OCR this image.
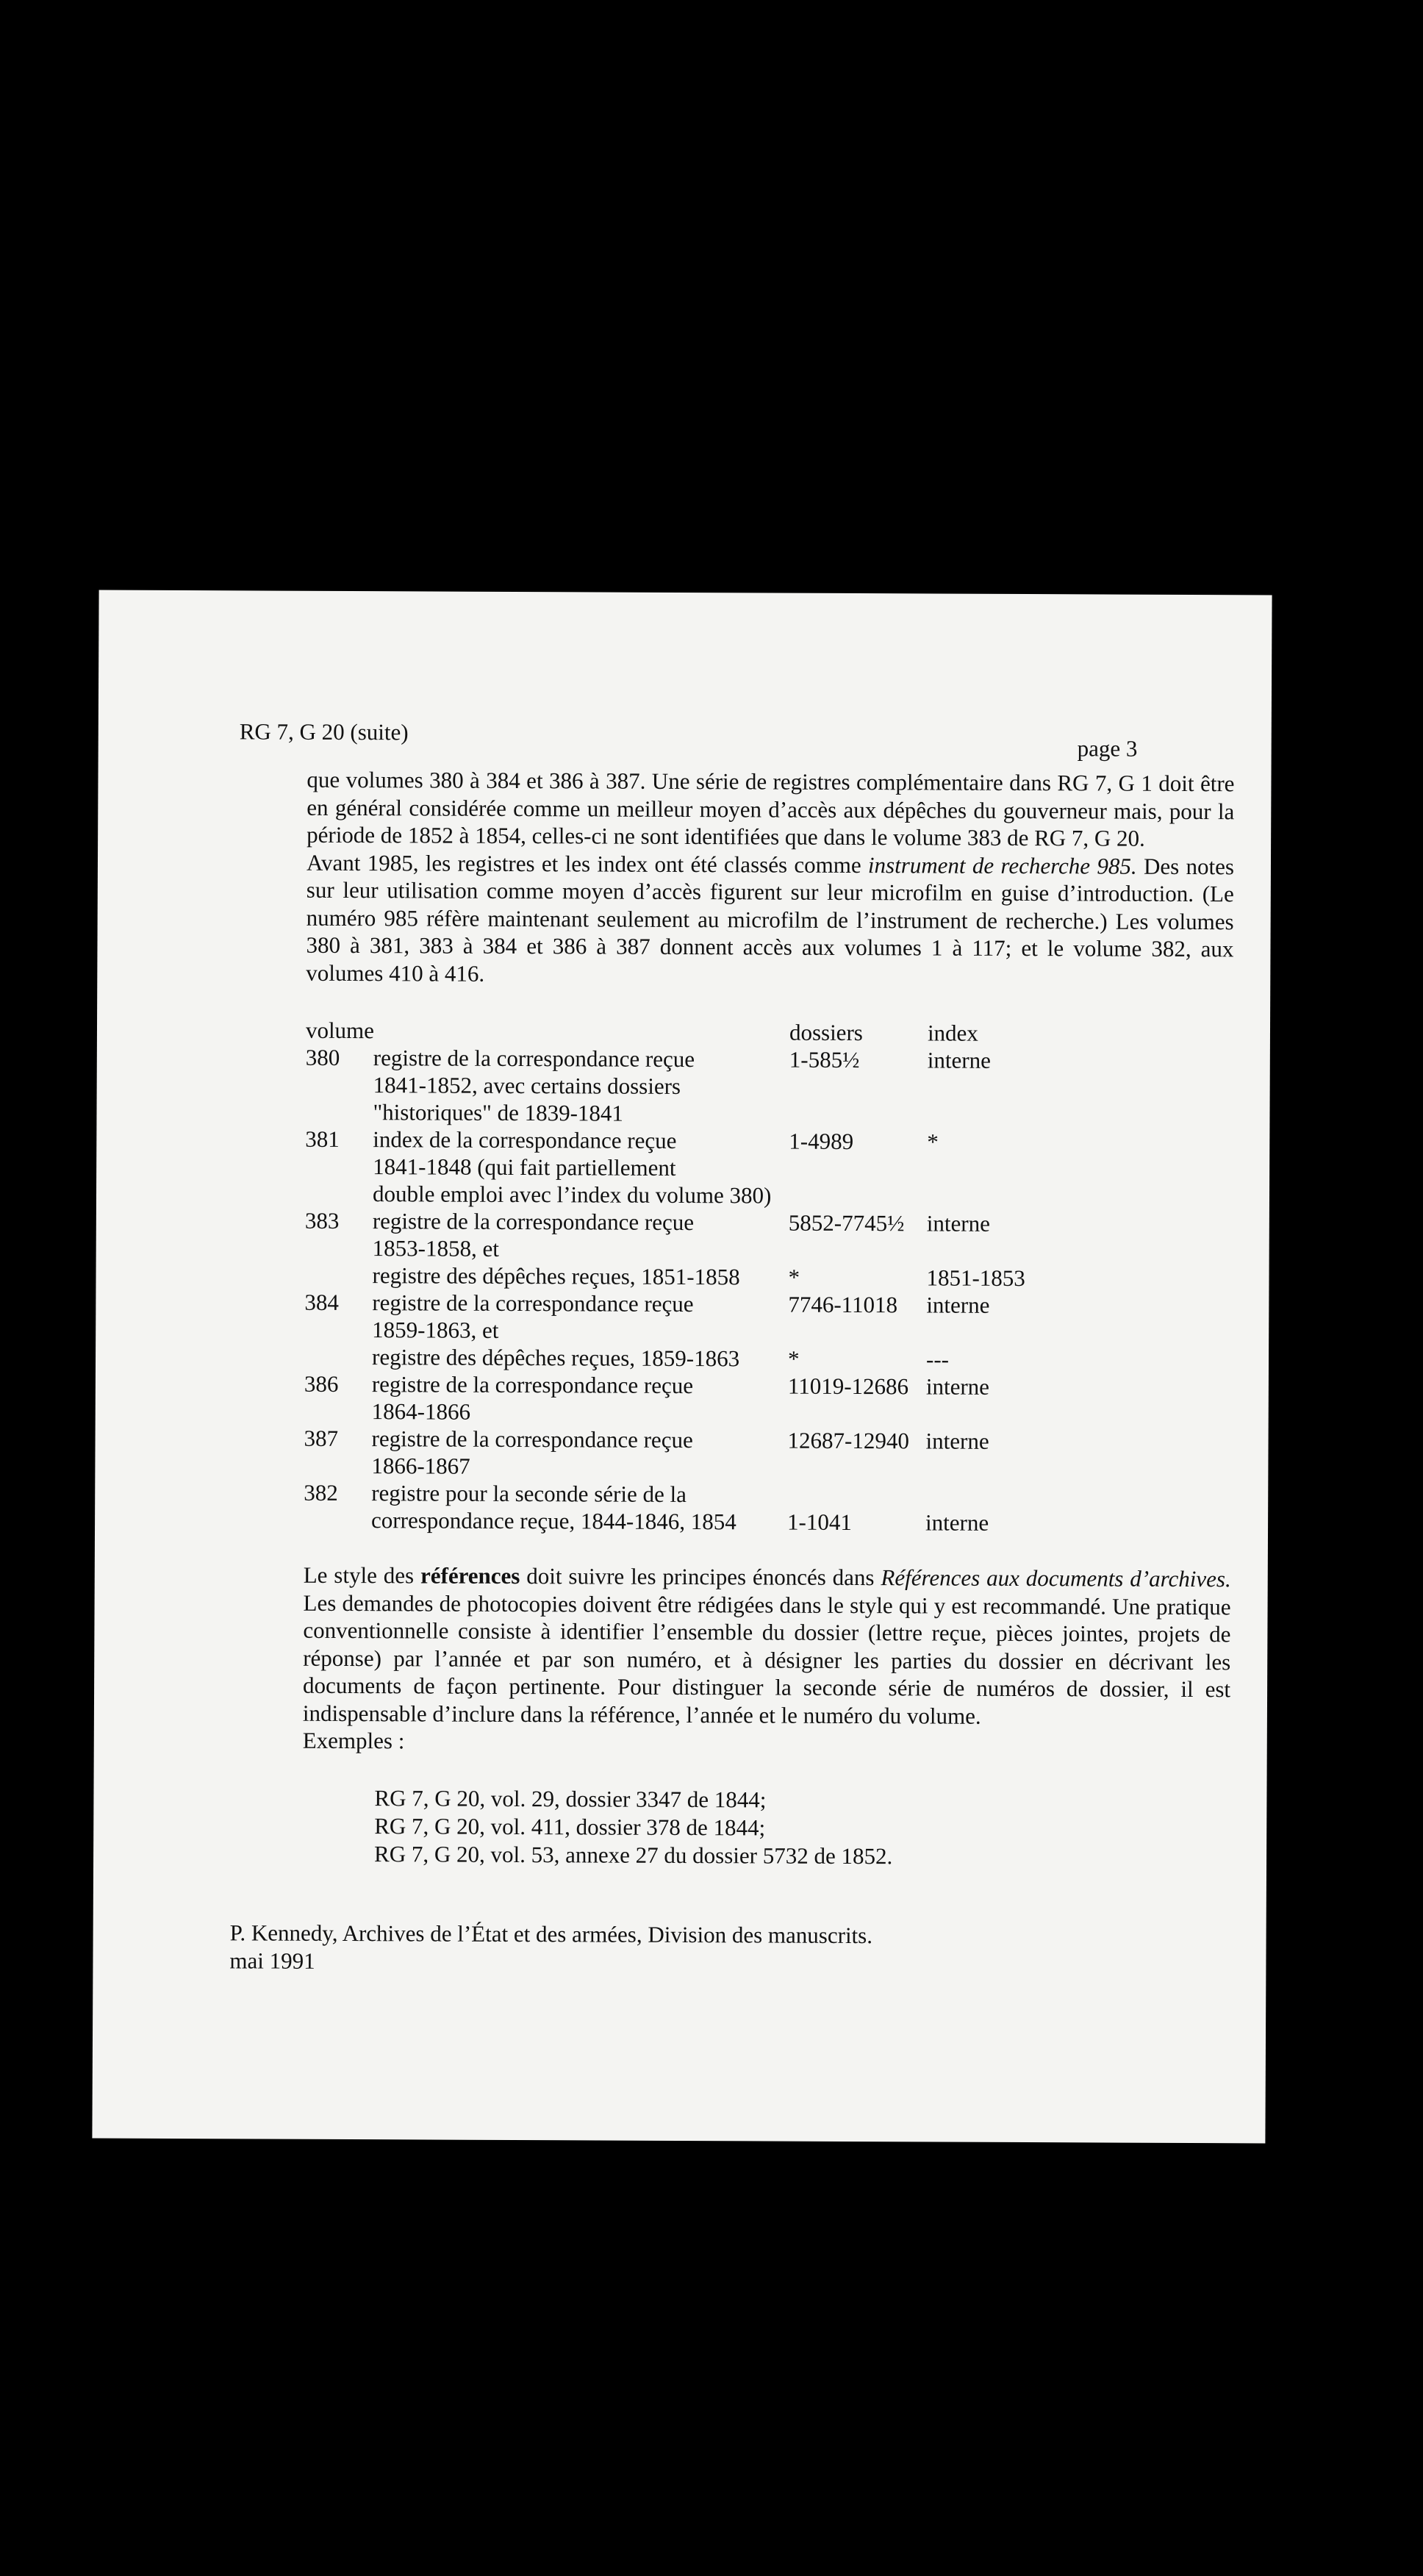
RG 7, G 20 (suite)
page 3

que volumes 380 à 384 et 386 à 387. Une série de registres complémentaire dans RG 7, G 1 doit être en général considérée comme un meilleur moyen d’accès aux dépêches du gouverneur mais, pour la période de 1852 à 1854, celles-ci ne sont identifiées que dans le volume 383 de RG 7, G 20.

Avant 1985, les registres et les index ont été classés comme instrument de recherche 985. Des notes sur leur utilisation comme moyen d’accès figurent sur leur microfilm en guise d’introduction. (Le numéro 985 réfère maintenant seulement au microfilm de l’instrument de recherche.) Les volumes 380 à 381, 383 à 384 et 386 à 387 donnent accès aux volumes 1 à 117; et le volume 382, aux volumes 410 à 416.

volume	dossiers	index
380 registre de la correspondance reçue	1-585½	interne
1841-1852, avec certains dossiers
"historiques" de 1839-1841
381 index de la correspondance reçue	1-4989	*
1841-1848 (qui fait partiellement
double emploi avec l’index du volume 380)
383 registre de la correspondance reçue	5852-7745½ interne
1853-1858, et
registre des dépêches reçues, 1851-1858 *	1851-1853
384 registre de la correspondance reçue	7746-11018 interne
1859-1863, et
registre des dépêches reçues, 1859-1863 *	---
386 registre de la correspondance reçue	11019-12686 interne
1864-1866
387 registre de la correspondance reçue	12687-12940 interne
1866-1867
382 registre pour la seconde série de la
correspondance reçue, 1844-1846, 1854 1-1041	interne

Le style des références doit suivre les principes énoncés dans Références aux documents d’archives. Les demandes de photocopies doivent être rédigées dans le style qui y est recommandé. Une pratique conventionnelle consiste à identifier l’ensemble du dossier (lettre reçue, pièces jointes, projets de réponse) par l’année et par son numéro, et à désigner les parties du dossier en décrivant les documents de façon pertinente. Pour distinguer la seconde série de numéros de dossier, il est indispensable d’inclure dans la référence, l’année et le numéro du volume.

Exemples :

RG 7, G 20, vol. 29, dossier 3347 de 1844;
RG 7, G 20, vol. 411, dossier 378 de 1844;
RG 7, G 20, vol. 53, annexe 27 du dossier 5732 de 1852.
P. Kennedy, Archives de l’État et des armées, Division des manuscrits.
mai 1991
